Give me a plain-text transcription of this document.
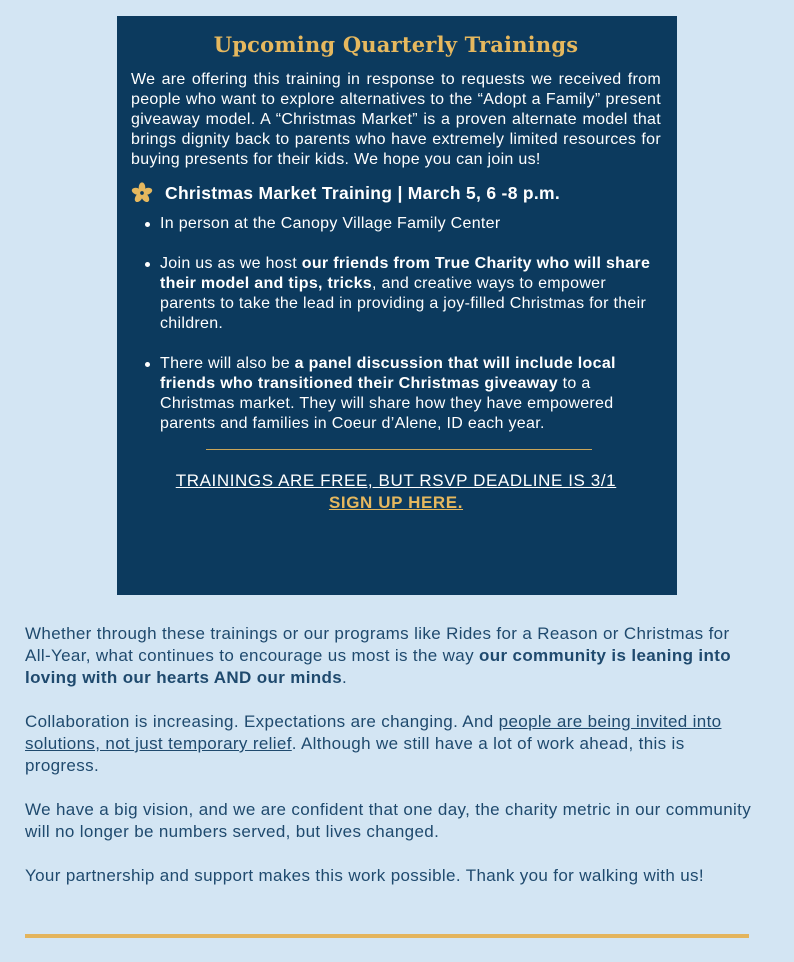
Upcoming Quarterly Trainings

We are offering this training in response to requests we received from people who want to explore alternatives to the “Adopt a Family” present giveaway model. A “Christmas Market” is a proven alternate model that brings dignity back to parents who have extremely limited resources for buying presents for their kids. We hope you can join us!

Christmas Market Training | March 5, 6 -8 p.m.
In person at the Canopy Village Family Center
Join us as we host our friends from True Charity who will share their model and tips, tricks, and creative ways to empower parents to take the lead in providing a joy-filled Christmas for their children.
There will also be a panel discussion that will include local friends who transitioned their Christmas giveaway to a Christmas market. They will share how they have empowered parents and families in Coeur d’Alene, ID each year.
TRAININGS ARE FREE, BUT RSVP DEADLINE IS 3/1
SIGN UP HERE.

Whether through these trainings or our programs like Rides for a Reason or Christmas for All-Year, what continues to encourage us most is the way our community is leaning into loving with our hearts AND our minds.

Collaboration is increasing. Expectations are changing. And people are being invited into solutions, not just temporary relief. Although we still have a lot of work ahead, this is progress.

We have a big vision, and we are confident that one day, the charity metric in our community will no longer be numbers served, but lives changed.

Your partnership and support makes this work possible. Thank you for walking with us!
